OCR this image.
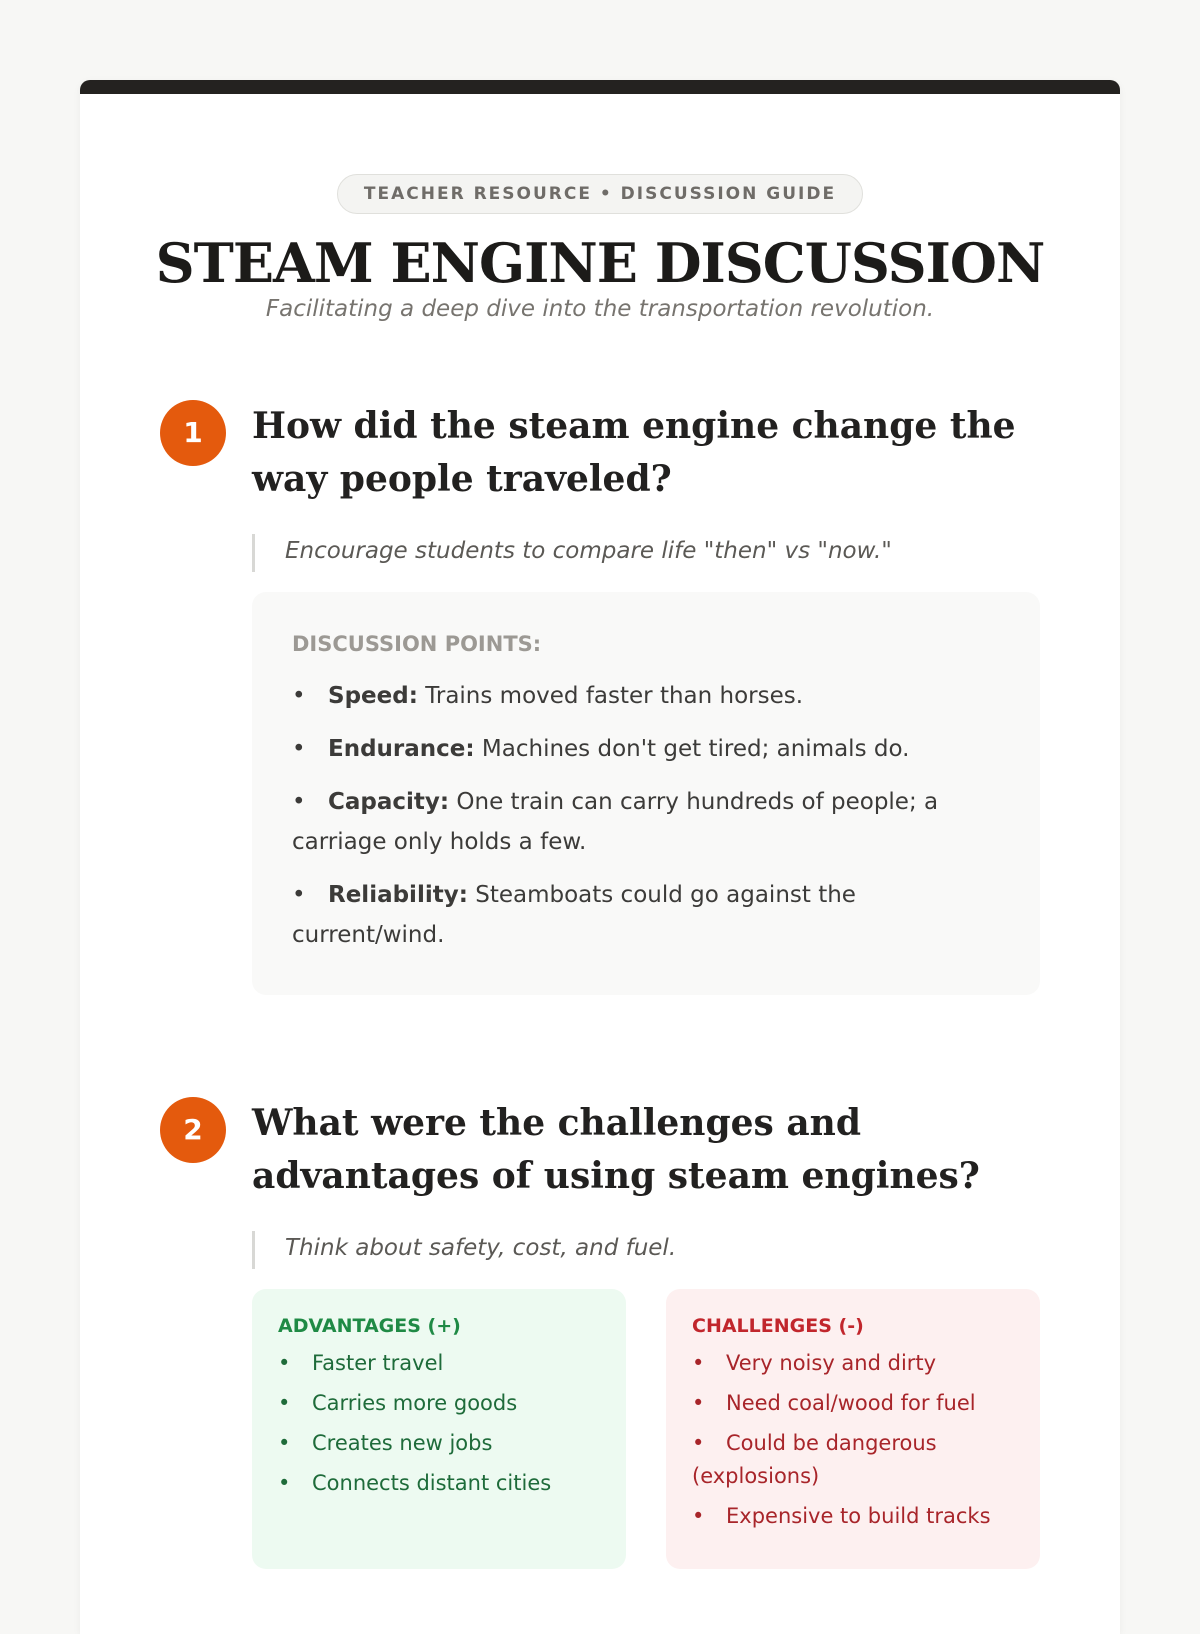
TEACHER RESOURCE • DISCUSSION GUIDE
STEAM ENGINE DISCUSSION
Facilitating a deep dive into the transportation revolution.
1	How did the steam engine change the way people traveled?
Encourage students to compare life "then" vs "now."
DISCUSSION POINTS:
• Speed: Trains moved faster than horses.
• Endurance: Machines don't get tired; animals do.
• Capacity: One train can carry hundreds of people; a carriage only holds a few.
• Reliability: Steamboats could go against the current/wind.
2	What were the challenges and advantages of using steam engines?
Think about safety, cost, and fuel.
ADVANTAGES (+)
• Faster travel
• Carries more goods
• Creates new jobs
• Connects distant cities
CHALLENGES (-)
• Very noisy and dirty
• Need coal/wood for fuel
• Could be dangerous (explosions)
• Expensive to build tracks
